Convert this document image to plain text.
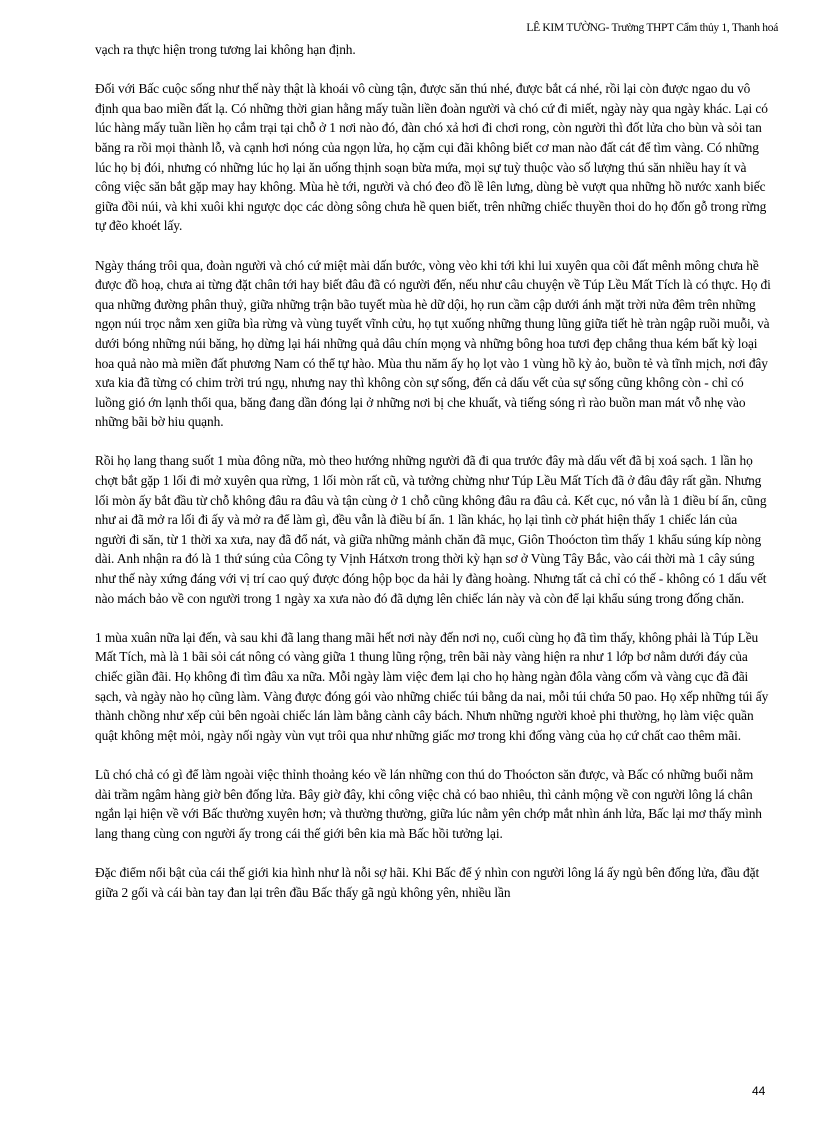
LÊ KIM TƯỜNG- Trường THPT Cẩm thủy 1, Thanh hoá

vạch ra thực hiện trong tương lai không hạn định.

Đối với Bấc cuộc sống như thế này thật là khoái vô cùng tận, được săn thú nhé, được bắt cá nhé, rồi lại còn được ngao du vô định qua bao miền đất lạ. Có những thời gian hằng mấy tuần liền đoàn người và chó cứ đi miết, ngày này qua ngày khác. Lại có lúc hàng mấy tuần liền họ cắm trại tại chỗ ở 1 nơi nào đó, đàn chó xả hơi đi chơi rong, còn người thì đốt lửa cho bùn và sỏi tan băng ra rồi mọi thành lỗ, và cạnh hơi nóng của ngọn lửa, họ cặm cụi đãi không biết cơ man nào đất cát để tìm vàng. Có những lúc họ bị đói, nhưng có những lúc họ lại ăn uống thịnh soạn bừa mứa, mọi sự tuỳ thuộc vào số lượng thú săn nhiều hay ít và công việc săn bắt gặp may hay không. Mùa hè tới, người và chó đeo đồ lề lên lưng, dùng bè vượt qua những hồ nước xanh biếc giữa đồi núi, và khi xuôi khi ngược dọc các dòng sông chưa hề quen biết, trên những chiếc thuyền thoi do họ đốn gỗ trong rừng tự đẽo khoét lấy.

Ngày tháng trôi qua, đoàn người và chó cứ miệt mài dấn bước, vòng vèo khi tới khi lui xuyên qua cõi đất mênh mông chưa hề được đồ hoạ, chưa ai từng đặt chân tới hay biết đâu đã có người đến, nếu như câu chuyện về Túp Lều Mất Tích là có thực. Họ đi qua những đường phân thuỷ, giữa những trận bão tuyết mùa hè dữ dội, họ run cầm cập dưới ánh mặt trời nửa đêm trên những ngọn núi trọc nằm xen giữa bìa rừng và vùng tuyết vĩnh cửu, họ tụt xuống những thung lũng giữa tiết hè tràn ngập ruồi muỗi, và dưới bóng những núi băng, họ dừng lại hái những quả dâu chín mọng và những bông hoa tươi đẹp chẳng thua kém bất kỳ loại hoa quả nào mà miền đất phương Nam có thể tự hào. Mùa thu năm ấy họ lọt vào 1 vùng hồ kỳ ảo, buồn tẻ và tĩnh mịch, nơi đây xưa kia đã từng có chim trời trú ngụ, nhưng nay thì không còn sự sống, đến cả dấu vết của sự sống cũng không còn - chỉ có luồng gió ớn lạnh thổi qua, băng đang dần đóng lại ở những nơi bị che khuất, và tiếng sóng rì rào buồn man mát vỗ nhẹ vào những bãi bờ hiu quạnh.

Rồi họ lang thang suốt 1 mùa đông nữa, mò theo hướng những người đã đi qua trước đây mà dấu vết đã bị xoá sạch. 1 lần họ chợt bắt gặp 1 lối đi mở xuyên qua rừng, 1 lối mòn rất cũ, và tưởng chừng như Túp Lều Mất Tích đã ở đâu đây rất gần. Nhưng lối mòn ấy bắt đầu từ chỗ không đâu ra đâu và tận cùng ở 1 chỗ cũng không đâu ra đâu cả. Kết cục, nó vẫn là 1 điều bí ẩn, cũng như ai đã mở ra lối đi ấy và mở ra để làm gì, đều vẫn là điều bí ẩn. 1 lần khác, họ lại tình cờ phát hiện thấy 1 chiếc lán của người đi săn, từ 1 thời xa xưa, nay đã đổ nát, và giữa những mảnh chăn đã mục, Giôn Thoócton tìm thấy 1 khẩu súng kíp nòng dài. Anh nhận ra đó là 1 thứ súng của Công ty Vịnh Hátxơn trong thời kỳ hạn sơ ở Vùng Tây Bắc, vào cái thời mà 1 cây súng như thế này xứng đáng với vị trí cao quý được đóng hộp bọc da hải ly đàng hoàng. Nhưng tất cả chỉ có thế - không có 1 dấu vết nào mách bảo về con người trong 1 ngày xa xưa nào đó đã dựng lên chiếc lán này và còn để lại khẩu súng trong đống chăn.

1 mùa xuân nữa lại đến, và sau khi đã lang thang mãi hết nơi này đến nơi nọ, cuối cùng họ đã tìm thấy, không phải là Túp Lều Mất Tích, mà là 1 bãi sỏi cát nông có vàng giữa 1 thung lũng rộng, trên bãi này vàng hiện ra như 1 lớp bơ nằm dưới đáy của chiếc giần đãi. Họ không đi tìm đâu xa nữa. Mỗi ngày làm việc đem lại cho họ hàng ngàn đôla vàng cốm và vàng cục đã đãi sạch, và ngày nào họ cũng làm. Vàng được đóng gói vào những chiếc túi bằng da nai, mỗi túi chứa 50 pao. Họ xếp những túi ấy thành chồng như xếp củi bên ngoài chiếc lán làm bằng cành cây bách. Nhưn những người khoẻ phi thường, họ làm việc quần quật không mệt mỏi, ngày nối ngày vùn vụt trôi qua như những giấc mơ trong khi đống vàng của họ cứ chất cao thêm mãi.

Lũ chó chả có gì để làm ngoài việc thỉnh thoảng kéo về lán những con thú do Thoócton săn được, và Bấc có những buổi nằm dài trầm ngâm hàng giờ bên đống lửa. Bây giờ đây, khi công việc chả có bao nhiêu, thì cảnh mộng về con người lông lá chân ngắn lại hiện về với Bấc thường xuyên hơn; và thường thường, giữa lúc nằm yên chớp mắt nhìn ánh lửa, Bấc lại mơ thấy mình lang thang cùng con người ấy trong cái thế giới bên kia mà Bấc hồi tưởng lại.

Đặc điểm nổi bật của cái thế giới kia hình như là nỗi sợ hãi. Khi Bấc để ý nhìn con người lông lá ấy ngủ bên đống lửa, đầu đặt giữa 2 gối và cái bàn tay đan lại trên đầu Bấc thấy gã ngủ không yên, nhiều lần

44
